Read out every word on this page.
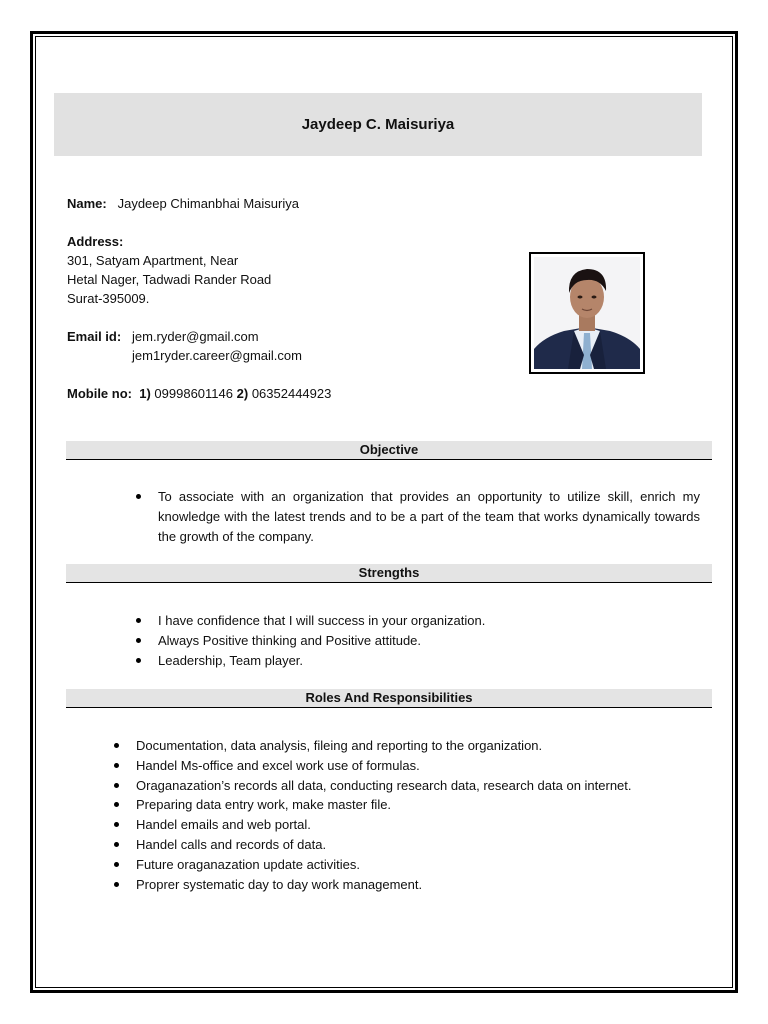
Jaydeep C. Maisuriya
Name: Jaydeep Chimanbhai Maisuriya
Address:
301, Satyam Apartment, Near
Hetal Nager, Tadwadi Rander Road
Surat-395009.
Email id: jem.ryder@gmail.com
jem1ryder.career@gmail.com
Mobile no: 1) 09998601146 2) 06352444923
Objective
To associate with an organization that provides an opportunity to utilize skill, enrich my knowledge with the latest trends and to be a part of the team that works dynamically towards the growth of the company.
Strengths
I have confidence that I will success in your organization.
Always Positive thinking and Positive attitude.
Leadership, Team player.
Roles And Responsibilities
Documentation, data analysis, fileing and reporting to the organization.
Handel Ms-office and excel work use of formulas.
Oraganazation’s records all data, conducting research data, research data on internet.
Preparing data entry work, make master file.
Handel emails and web portal.
Handel calls and records of data.
Future oraganazation update activities.
Proprer systematic day to day work management.
